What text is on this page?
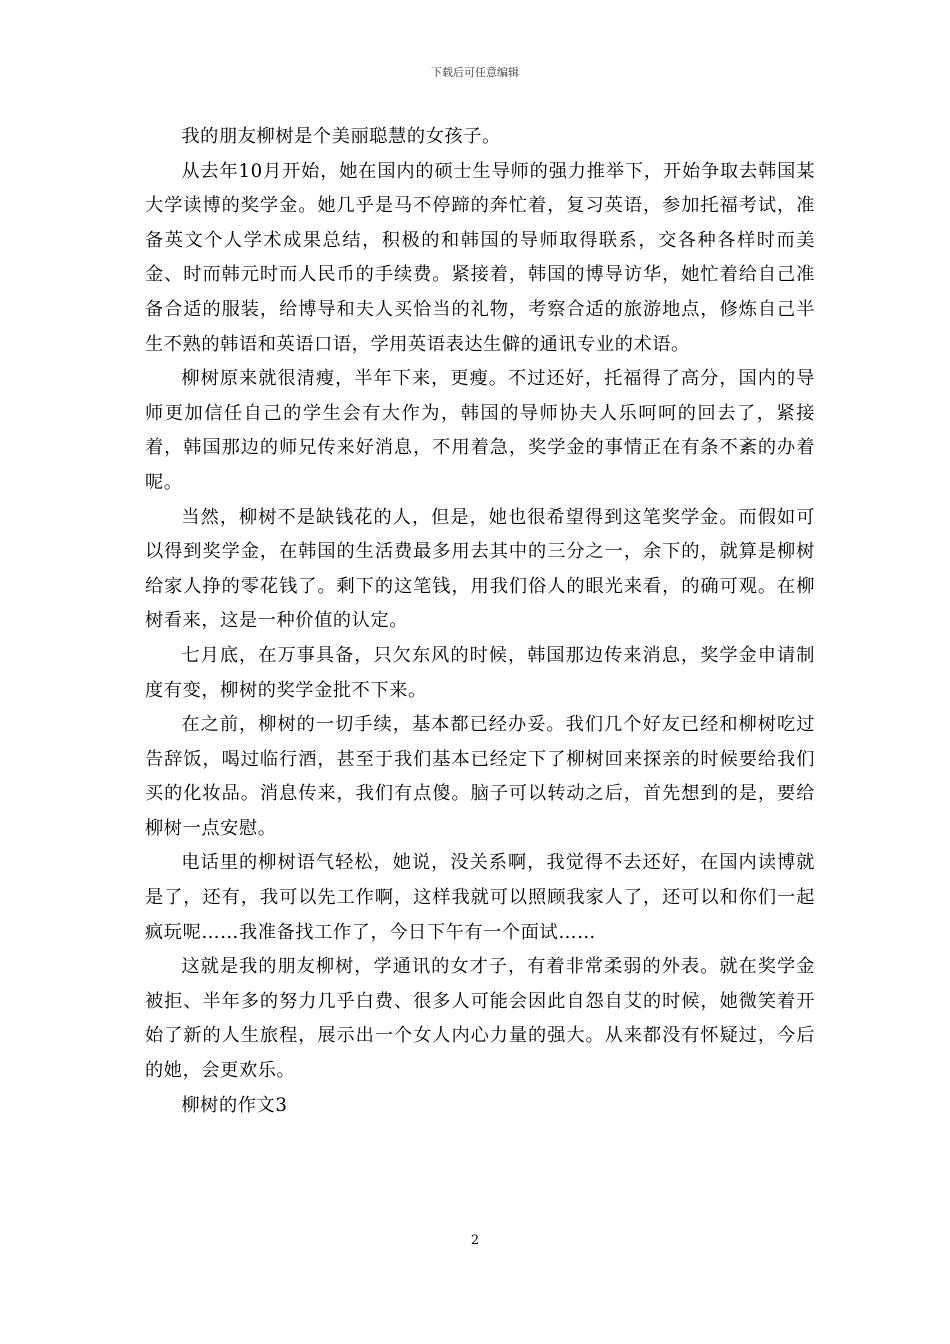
下载后可任意编辑

我的朋友柳树是个美丽聪慧的女孩子。

从去年10月开始，她在国内的硕士生导师的强力推举下，开始争取去韩国某大学读博的奖学金。她几乎是马不停蹄的奔忙着，复习英语，参加托福考试，准备英文个人学术成果总结，积极的和韩国的导师取得联系，交各种各样时而美金、时而韩元时而人民币的手续费。紧接着，韩国的博导访华，她忙着给自己准备合适的服装，给博导和夫人买恰当的礼物，考察合适的旅游地点，修炼自己半生不熟的韩语和英语口语，学用英语表达生僻的通讯专业的术语。

柳树原来就很清瘦，半年下来，更瘦。不过还好，托福得了高分，国内的导师更加信任自己的学生会有大作为，韩国的导师协夫人乐呵呵的回去了，紧接着，韩国那边的师兄传来好消息，不用着急，奖学金的事情正在有条不紊的办着呢。

当然，柳树不是缺钱花的人，但是，她也很希望得到这笔奖学金。而假如可以得到奖学金，在韩国的生活费最多用去其中的三分之一，余下的，就算是柳树给家人挣的零花钱了。剩下的这笔钱，用我们俗人的眼光来看，的确可观。在柳树看来，这是一种价值的认定。

七月底，在万事具备，只欠东风的时候，韩国那边传来消息，奖学金申请制度有变，柳树的奖学金批不下来。

在之前，柳树的一切手续，基本都已经办妥。我们几个好友已经和柳树吃过告辞饭，喝过临行酒，甚至于我们基本已经定下了柳树回来探亲的时候要给我们买的化妆品。消息传来，我们有点傻。脑子可以转动之后，首先想到的是，要给柳树一点安慰。

电话里的柳树语气轻松，她说，没关系啊，我觉得不去还好，在国内读博就是了，还有，我可以先工作啊，这样我就可以照顾我家人了，还可以和你们一起疯玩呢……我准备找工作了，今日下午有一个面试……

这就是我的朋友柳树，学通讯的女才子，有着非常柔弱的外表。就在奖学金被拒、半年多的努力几乎白费、很多人可能会因此自怨自艾的时候，她微笑着开始了新的人生旅程，展示出一个女人内心力量的强大。从来都没有怀疑过，今后的她，会更欢乐。

柳树的作文3

2
